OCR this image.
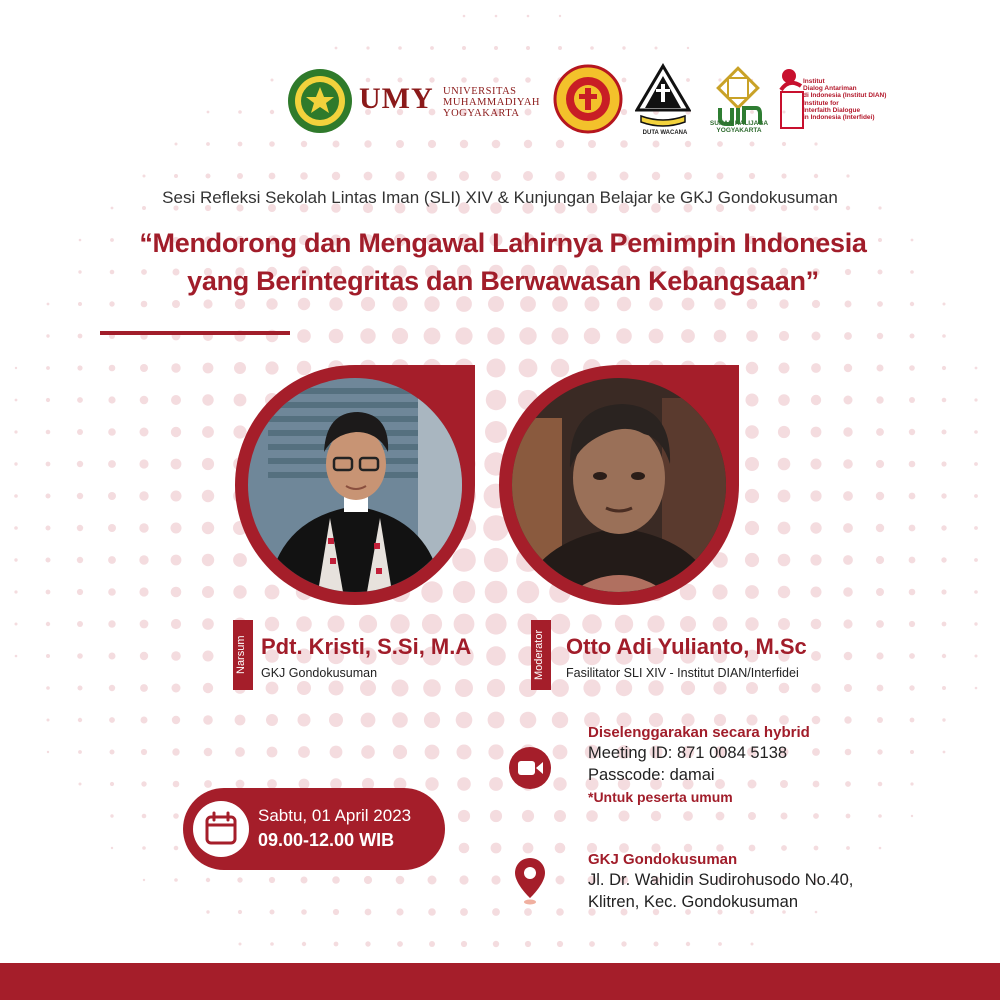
UMY UNIVERSITAS
MUHAMMADIYAH
YOGYAKARTA
DUTA WACANA
SUNAN KALIJAGA
YOGYAKARTA
Institut
Dialog Antariman
di Indonesia (Institut DIAN)
Institute for
Interfaith Dialogue
in Indonesia (Interfidei)
Sesi Refleksi Sekolah Lintas Iman (SLI) XIV & Kunjungan Belajar ke GKJ Gondokusuman
“Mendorong dan Mengawal Lahirnya Pemimpin Indonesia
yang Berintegritas dan Berwawasan Kebangsaan”
Narsum Pdt. Kristi, S.Si, M.A
GKJ Gondokusuman	Moderator Otto Adi Yulianto, M.Sc
Fasilitator SLI XIV - Institut DIAN/Interfidei
Sabtu, 01 April 2023
09.00-12.00 WIB
Diselenggarakan secara hybrid
Meeting ID: 871 0084 5138
Passcode: damai
*Untuk peserta umum
GKJ Gondokusuman
Jl. Dr. Wahidin Sudirohusodo No.40,
Klitren, Kec. Gondokusuman
